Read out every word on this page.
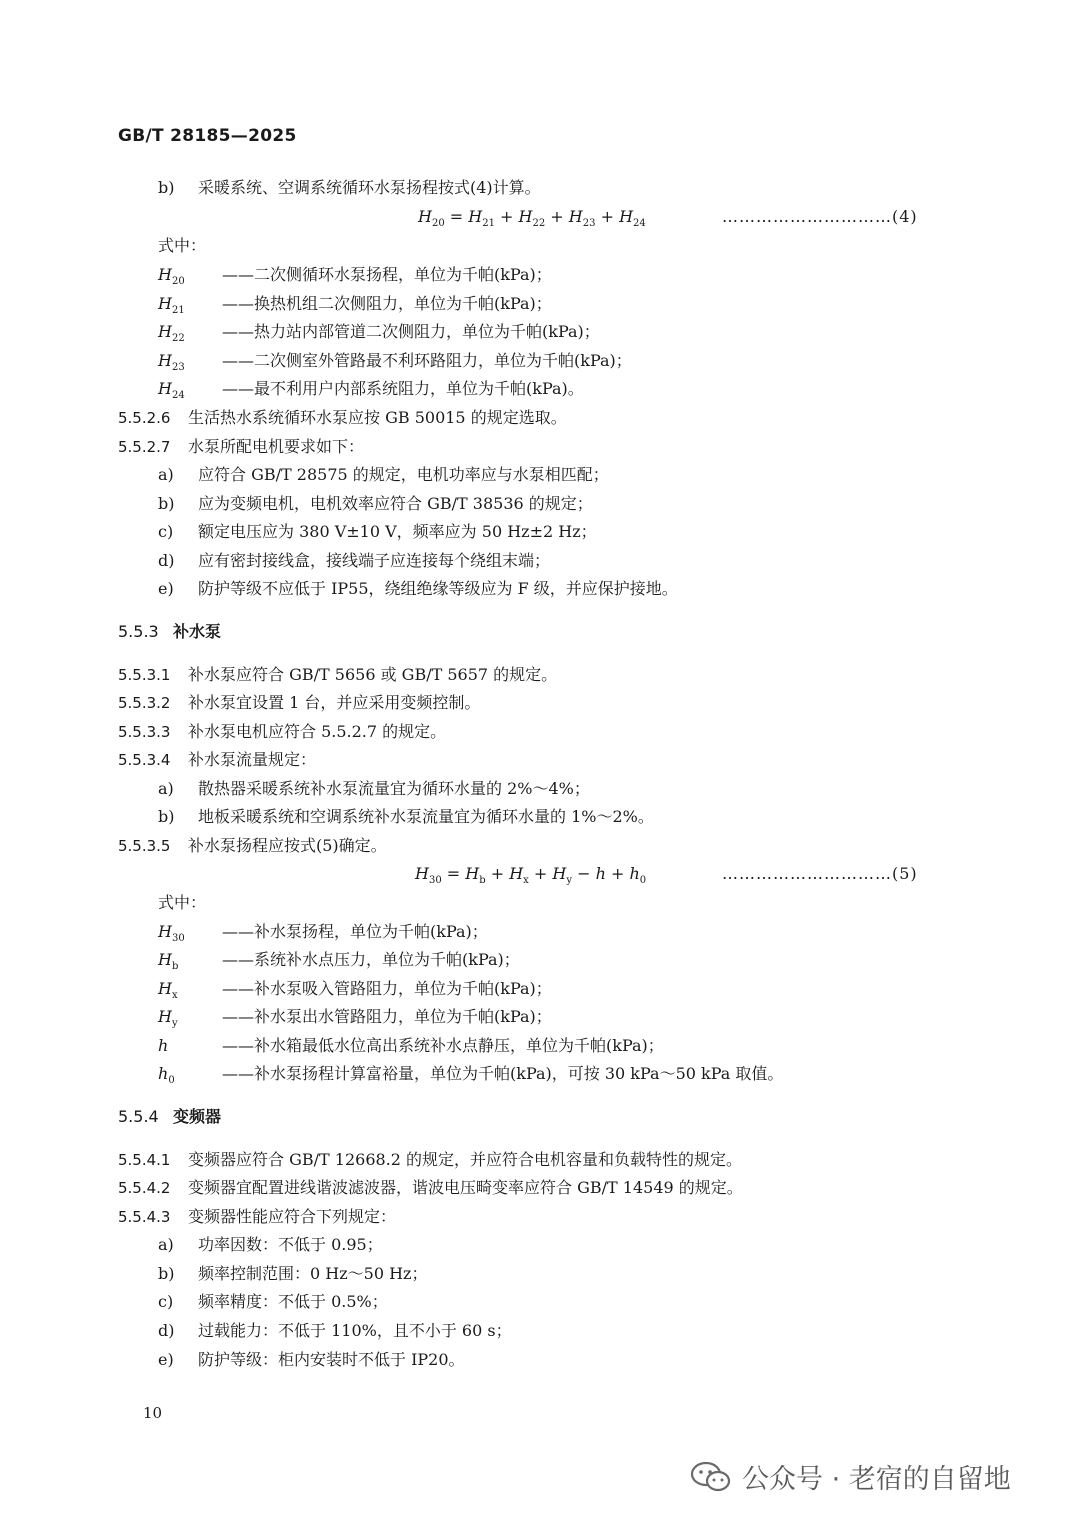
GB/T 28185—2025
b) 采暖系统、空调系统循环水泵扬程按式(4)计算。
$H_{20} = H_{21} + H_{22} + H_{23} + H_{24}$	…………………………(4)
式中：
$H_{20}$ ——二次侧循环水泵扬程，单位为千帕(kPa)；
$H_{21}$ ——换热机组二次侧阻力，单位为千帕(kPa)；
$H_{22}$ ——热力站内部管道二次侧阻力，单位为千帕(kPa)；
$H_{23}$ ——二次侧室外管路最不利环路阻力，单位为千帕(kPa)；
$H_{24}$ ——最不利用户内部系统阻力，单位为千帕(kPa)。
5.5.2.6 生活热水系统循环水泵应按 GB 50015 的规定选取。
5.5.2.7 水泵所配电机要求如下：
a) 应符合 GB/T 28575 的规定，电机功率应与水泵相匹配；
b) 应为变频电机，电机效率应符合 GB/T 38536 的规定；
c) 额定电压应为 380 V±10 V，频率应为 50 Hz±2 Hz；
d) 应有密封接线盒，接线端子应连接每个绕组末端；
e) 防护等级不应低于 IP55，绕组绝缘等级应为 F 级，并应保护接地。
5.5.3 补水泵
5.5.3.1 补水泵应符合 GB/T 5656 或 GB/T 5657 的规定。
5.5.3.2 补水泵宜设置 1 台，并应采用变频控制。
5.5.3.3 补水泵电机应符合 5.5.2.7 的规定。
5.5.3.4 补水泵流量规定：
a) 散热器采暖系统补水泵流量宜为循环水量的 2%～4%；
b) 地板采暖系统和空调系统补水泵流量宜为循环水量的 1%～2%。
5.5.3.5 补水泵扬程应按式(5)确定。
$H_{30} = H_b + H_x + H_y - h + h_0$	…………………………(5)
式中：
$H_{30}$ ——补水泵扬程，单位为千帕(kPa)；
$H_b$	——系统补水点压力，单位为千帕(kPa)；
$H_x$	——补水泵吸入管路阻力，单位为千帕(kPa)；
$H_y$	——补水泵出水管路阻力，单位为千帕(kPa)；
h	——补水箱最低水位高出系统补水点静压，单位为千帕(kPa)；
$h_0$	——补水泵扬程计算富裕量，单位为千帕(kPa)，可按 30 kPa～50 kPa 取值。
5.5.4 变频器
5.5.4.1 变频器应符合 GB/T 12668.2 的规定，并应符合电机容量和负载特性的规定。
5.5.4.2 变频器宜配置进线谐波滤波器，谐波电压畸变率应符合 GB/T 14549 的规定。
5.5.4.3 变频器性能应符合下列规定：
a) 功率因数：不低于 0.95；
b) 频率控制范围：0 Hz～50 Hz；
c) 频率精度：不低于 0.5%；
d) 过载能力：不低于 110%，且不小于 60 s；
e) 防护等级：柜内安装时不低于 IP20。
10
公众号 · 老宿的自留地
